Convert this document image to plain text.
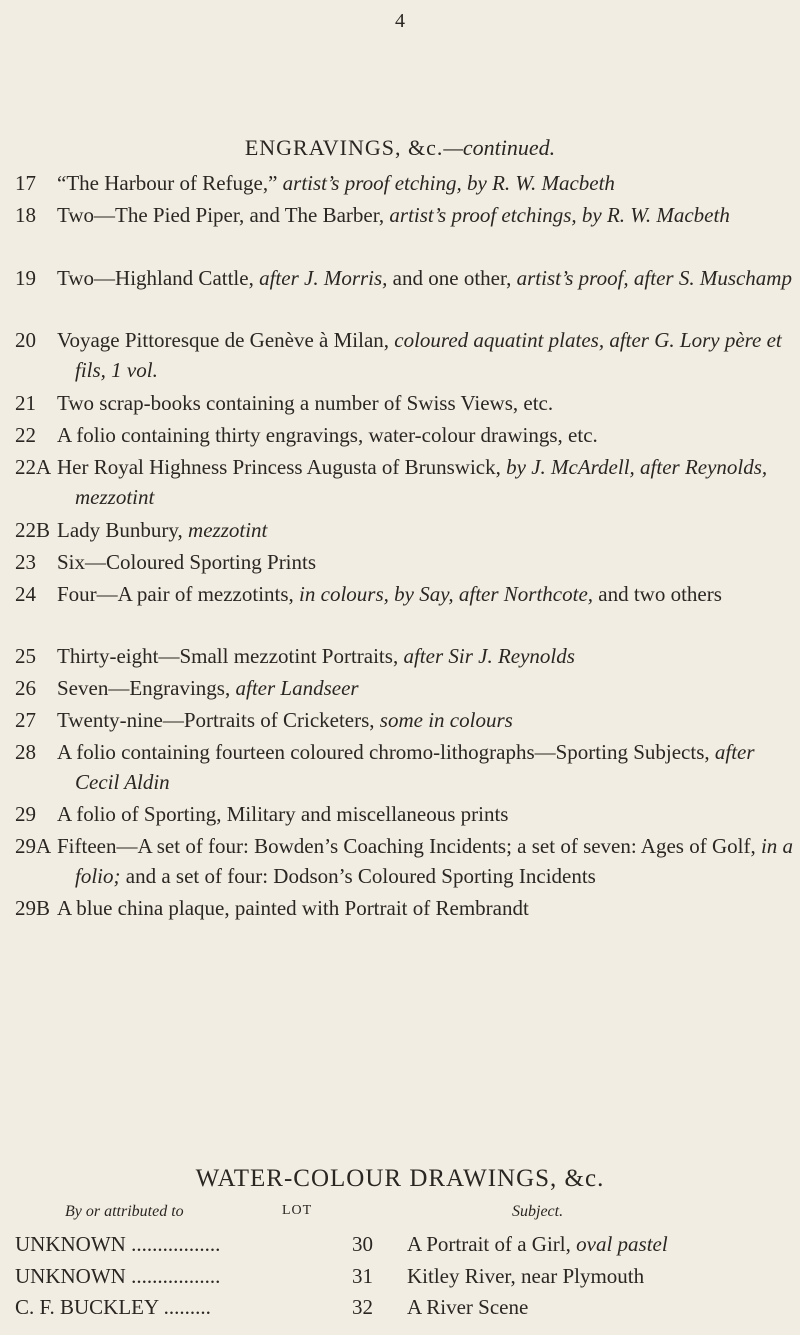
4
ENGRAVINGS, &c.—continued.
17	“The Harbour of Refuge,” artist’s proof etching, by R. W. Macbeth
18	Two—The Pied Piper, and The Barber, artist’s proof etchings, by R. W. Macbeth
19	Two—Highland Cattle, after J. Morris, and one other, artist’s proof, after S. Muschamp
20	Voyage Pittoresque de Genève à Milan, coloured aquatint plates, after G. Lory père et fils, 1 vol.
21	Two scrap-books containing a number of Swiss Views, etc.
22	A folio containing thirty engravings, water-colour drawings, etc.
22A Her Royal Highness Princess Augusta of Brunswick, by J. McArdell, after Reynolds, mezzotint
22B Lady Bunbury, mezzotint
23	Six—Coloured Sporting Prints
24	Four—A pair of mezzotints, in colours, by Say, after Northcote, and two others
25	Thirty-eight—Small mezzotint Portraits, after Sir J. Reynolds
26	Seven—Engravings, after Landseer
27	Twenty-nine—Portraits of Cricketers, some in colours
28	A folio containing fourteen coloured chromo-lithographs—Sporting Subjects, after Cecil Aldin
29	A folio of Sporting, Military and miscellaneous prints
29A Fifteen—A set of four: Bowden’s Coaching Incidents; a set of seven: Ages of Golf, in a folio; and a set of four: Dodson’s Coloured Sporting Incidents
29B A blue china plaque, painted with Portrait of Rembrandt
WATER-COLOUR DRAWINGS, &c.
By or attributed to	LOT	Subject.
UNKNOWN .................	30 A Portrait of a Girl, oval pastel
UNKNOWN .................	31 Kitley River, near Plymouth
C. F. BUCKLEY .........	32 A River Scene
